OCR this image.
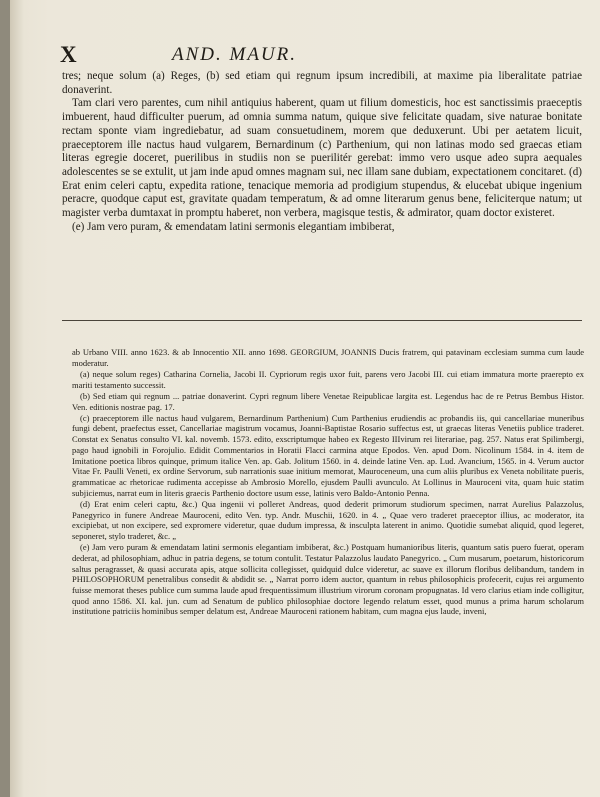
X	AND. MAUR.

tres; neque solum (a) Reges, (b) sed etiam qui regnum ipsum incredibili, at maxime pia liberalitate patriae donaverint.

Tam clari vero parentes, cum nihil antiquius haberent, quam ut filium domesticis, hoc est sanctissimis praeceptis imbuerent, haud difficulter puerum, ad omnia summa natum, quique sive felicitate quadam, sive naturae bonitate rectam sponte viam ingrediebatur, ad suam consuetudinem, morem que deduxerunt. Ubi per aetatem licuit, praeceptorem ille nactus haud vulgarem, Bernardinum (c) Parthenium, qui non latinas modo sed graecas etiam literas egregie doceret, puerilibus in studiis non se puerilitér gerebat: immo vero usque adeo supra aequales adolescentes se se extulit, ut jam inde apud omnes magnam sui, nec illam sane dubiam, expectationem concitaret. (d) Erat enim celeri captu, expedita ratione, tenacique memoria ad prodigium stupendus, & elucebat ubique ingenium peracre, quodque caput est, gravitate quadam temperatum, & ad omne literarum genus bene, feliciterque natum; ut magister verba dumtaxat in promptu haberet, non verbera, magisque testis, & admirator, quam doctor existeret.

(e) Jam vero puram, & emendatam latini sermonis elegantiam imbiberat,

ab Urbano VIII. anno 1623. & ab Innocentio XII. anno 1698. GEORGIUM, JOANNIS Ducis fratrem, qui patavinam ecclesiam summa cum laude moderatur.

(a) neque solum reges) Catharina Cornelia, Jacobi II. Cypriorum regis uxor fuit, parens vero Jacobi III. cui etiam immatura morte praerepto ex mariti testamento successit.

(b) Sed etiam qui regnum ... patriae donaverint. Cypri regnum libere Venetae Reipublicae largita est. Legendus hac de re Petrus Bembus Histor. Ven. editionis nostrae pag. 17.

(c) praeceptorem ille nactus haud vulgarem, Bernardinum Parthenium) Cum Parthenius erudiendis ac probandis iis, qui cancellariae muneribus fungi debent, praefectus esset, Cancellariae magistrum vocamus, Joanni-Baptistae Rosario suffectus est, ut graecas literas Venetiis publice traderet. Constat ex Senatus consulto VI. kal. novemb. 1573. edito, exscriptumque habeo ex Regesto IIIvirum rei literariae, pag. 257. Natus erat Spilimbergi, pago haud ignobili in Forojulio. Edidit Commentarios in Horatii Flacci carmina atque Epodos. Ven. apud Dom. Nicolinum 1584. in 4. item de Imitatione poetica libros quinque, primum italice Ven. ap. Gab. Jolitum 1560. in 4. deinde latine Ven. ap. Lud. Avancium, 1565. in 4. Verum auctor Vitae Fr. Paulli Veneti, ex ordine Servorum, sub narrationis suae initium memorat, Mauroceneum, una cum aliis pluribus ex Veneta nobilitate pueris, grammaticae ac rhetoricae rudimenta accepisse ab Ambrosio Morello, ejusdem Paulli avunculo. At Lollinus in Mauroceni vita, quam huic statim subjiciemus, narrat eum in literis graecis Parthenio doctore usum esse, latinis vero Baldo-Antonio Penna.

(d) Erat enim celeri captu, &c.) Qua ingenii vi polleret Andreas, quod dederit primorum studiorum specimen, narrat Aurelius Palazzolus, Panegyrico in funere Andreae Mauroceni, edito Ven. typ. Andr. Muschii, 1620. in 4. „ Quae vero traderet praeceptor illius, ac moderator, ita excipiebat, ut non excipere, sed expromere videretur, quae dudum impressa, & insculpta laterent in animo. Quotidie sumebat aliquid, quod legeret, seponeret, stylo traderet, &c. „

(e) Jam vero puram & emendatam latini sermonis elegantiam imbiberat, &c.) Postquam humanioribus literis, quantum satis puero fuerat, operam dederat, ad philosophiam, adhuc in patria degens, se totum contulit. Testatur Palazzolus laudato Panegyrico. „ Cum musarum, poetarum, historicorum saltus peragrasset, & quasi accurata apis, atque sollicita collegisset, quidquid dulce videretur, ac suave ex illorum floribus delibandum, tandem in PHILOSOPHORUM penetralibus consedit & abdidit se. „ Narrat porro idem auctor, quantum in rebus philosophicis profecerit, cujus rei argumento fuisse memorat theses publice cum summa laude apud frequentissimum illustrium virorum coronam propugnatas. Id vero clarius etiam inde colligitur, quod anno 1586. XI. kal. jun. cum ad Senatum de publico philosophiae doctore legendo relatum esset, quod munus a prima harum scholarum institutione patriciis hominibus semper delatum est, Andreae Mauroceni rationem habitam, cum magna ejus laude, inveni,
